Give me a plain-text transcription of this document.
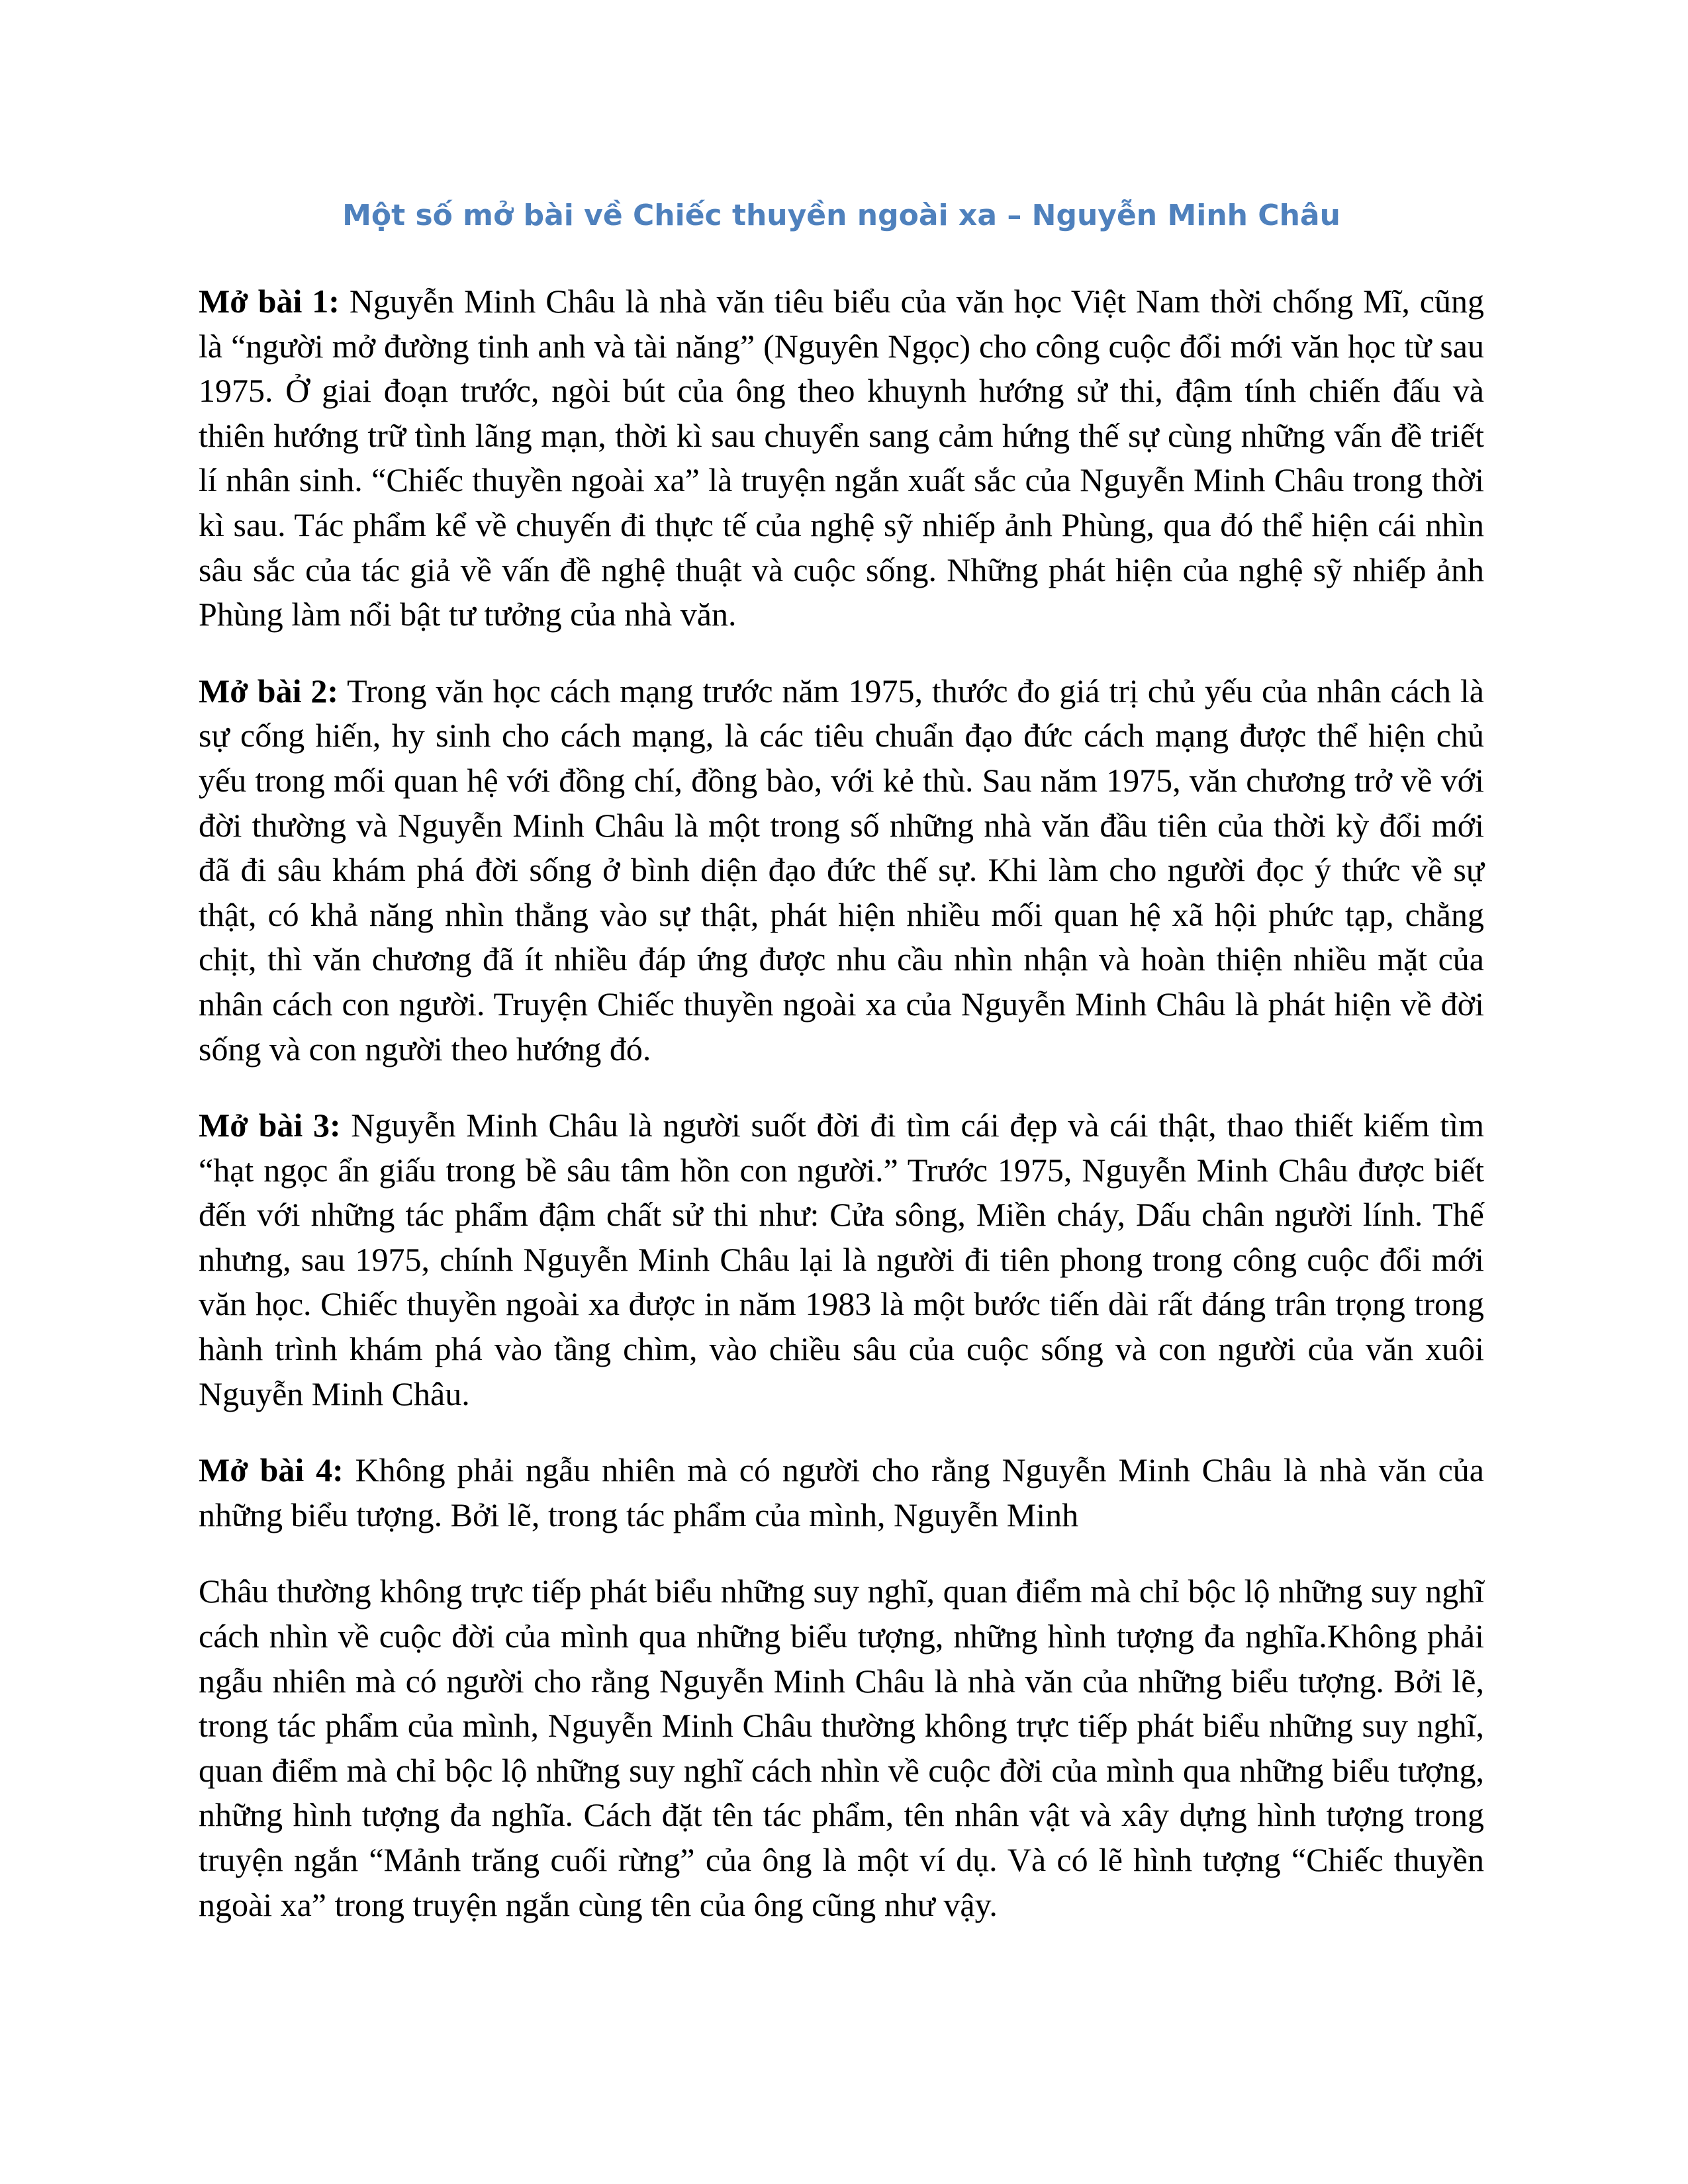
Một số mở bài về Chiếc thuyền ngoài xa – Nguyễn Minh Châu

Mở bài 1: Nguyễn Minh Châu là nhà văn tiêu biểu của văn học Việt Nam thời chống Mĩ, cũng là “người mở đường tinh anh và tài năng” (Nguyên Ngọc) cho công cuộc đổi mới văn học từ sau 1975. Ở giai đoạn trước, ngòi bút của ông theo khuynh hướng sử thi, đậm tính chiến đấu và thiên hướng trữ tình lãng mạn, thời kì sau chuyển sang cảm hứng thế sự cùng những vấn đề triết lí nhân sinh. “Chiếc thuyền ngoài xa” là truyện ngắn xuất sắc của Nguyễn Minh Châu trong thời kì sau. Tác phẩm kể về chuyến đi thực tế của nghệ sỹ nhiếp ảnh Phùng, qua đó thể hiện cái nhìn sâu sắc của tác giả về vấn đề nghệ thuật và cuộc sống. Những phát hiện của nghệ sỹ nhiếp ảnh Phùng làm nổi bật tư tưởng của nhà văn.

Mở bài 2: Trong văn học cách mạng trước năm 1975, thước đo giá trị chủ yếu của nhân cách là sự cống hiến, hy sinh cho cách mạng, là các tiêu chuẩn đạo đức cách mạng được thể hiện chủ yếu trong mối quan hệ với đồng chí, đồng bào, với kẻ thù. Sau năm 1975, văn chương trở về với đời thường và Nguyễn Minh Châu là một trong số những nhà văn đầu tiên của thời kỳ đổi mới đã đi sâu khám phá đời sống ở bình diện đạo đức thế sự. Khi làm cho người đọc ý thức về sự thật, có khả năng nhìn thẳng vào sự thật, phát hiện nhiều mối quan hệ xã hội phức tạp, chằng chịt, thì văn chương đã ít nhiều đáp ứng được nhu cầu nhìn nhận và hoàn thiện nhiều mặt của nhân cách con người. Truyện Chiếc thuyền ngoài xa của Nguyễn Minh Châu là phát hiện về đời sống và con người theo hướng đó.

Mở bài 3: Nguyễn Minh Châu là người suốt đời đi tìm cái đẹp và cái thật, thao thiết kiếm tìm “hạt ngọc ẩn giấu trong bề sâu tâm hồn con người.” Trước 1975, Nguyễn Minh Châu được biết đến với những tác phẩm đậm chất sử thi như: Cửa sông, Miền cháy, Dấu chân người lính. Thế nhưng, sau 1975, chính Nguyễn Minh Châu lại là người đi tiên phong trong công cuộc đổi mới văn học. Chiếc thuyền ngoài xa được in năm 1983 là một bước tiến dài rất đáng trân trọng trong hành trình khám phá vào tầng chìm, vào chiều sâu của cuộc sống và con người của văn xuôi Nguyễn Minh Châu.

Mở bài 4: Không phải ngẫu nhiên mà có người cho rằng Nguyễn Minh Châu là nhà văn của những biểu tượng. Bởi lẽ, trong tác phẩm của mình, Nguyễn Minh

Châu thường không trực tiếp phát biểu những suy nghĩ, quan điểm mà chỉ bộc lộ những suy nghĩ cách nhìn về cuộc đời của mình qua những biểu tượng, những hình tượng đa nghĩa.Không phải ngẫu nhiên mà có người cho rằng Nguyễn Minh Châu là nhà văn của những biểu tượng. Bởi lẽ, trong tác phẩm của mình, Nguyễn Minh Châu thường không trực tiếp phát biểu những suy nghĩ, quan điểm mà chỉ bộc lộ những suy nghĩ cách nhìn về cuộc đời của mình qua những biểu tượng, những hình tượng đa nghĩa. Cách đặt tên tác phẩm, tên nhân vật và xây dựng hình tượng trong truyện ngắn “Mảnh trăng cuối rừng” của ông là một ví dụ. Và có lẽ hình tượng “Chiếc thuyền ngoài xa” trong truyện ngắn cùng tên của ông cũng như vậy.
